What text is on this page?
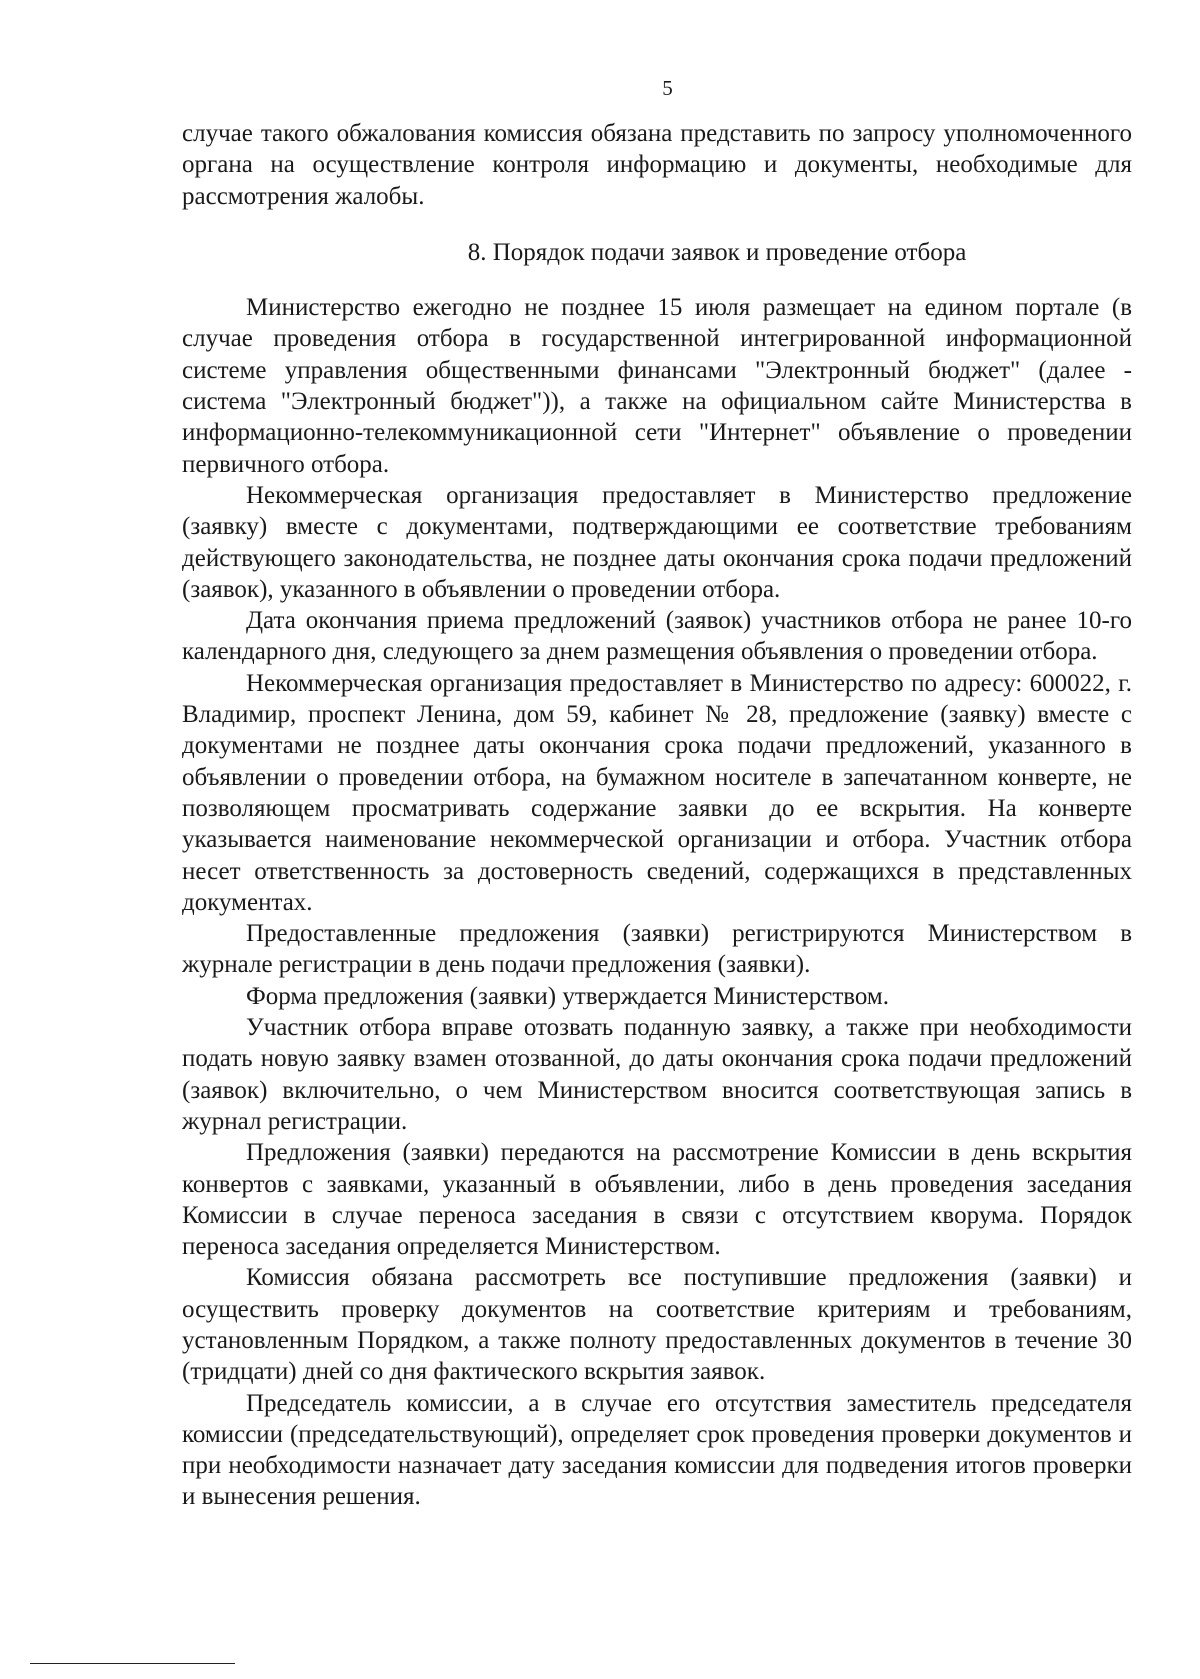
5

случае такого обжалования комиссия обязана представить по запросу уполномоченного органа на осуществление контроля информацию и документы, необходимые для рассмотрения жалобы.

8. Порядок подачи заявок и проведение отбора

Министерство ежегодно не позднее 15 июля размещает на едином портале (в случае проведения отбора в государственной интегрированной информационной системе управления общественными финансами "Электронный бюджет" (далее - система "Электронный бюджет")), а также на официальном сайте Министерства в информационно-телекоммуникационной сети "Интернет" объявление о проведении первичного отбора.

Некоммерческая организация предоставляет в Министерство предложение (заявку) вместе с документами, подтверждающими ее соответствие требованиям действующего законодательства, не позднее даты окончания срока подачи предложений (заявок), указанного в объявлении о проведении отбора.

Дата окончания приема предложений (заявок) участников отбора не ранее 10-го календарного дня, следующего за днем размещения объявления о проведении отбора.

Некоммерческая организация предоставляет в Министерство по адресу: 600022, г. Владимир, проспект Ленина, дом 59, кабинет № 28, предложение (заявку) вместе с документами не позднее даты окончания срока подачи предложений, указанного в объявлении о проведении отбора, на бумажном носителе в запечатанном конверте, не позволяющем просматривать содержание заявки до ее вскрытия. На конверте указывается наименование некоммерческой организации и отбора. Участник отбора несет ответственность за достоверность сведений, содержащихся в представленных документах.

Предоставленные предложения (заявки) регистрируются Министерством в журнале регистрации в день подачи предложения (заявки).

Форма предложения (заявки) утверждается Министерством.

Участник отбора вправе отозвать поданную заявку, а также при необходимости подать новую заявку взамен отозванной, до даты окончания срока подачи предложений (заявок) включительно, о чем Министерством вносится соответствующая запись в журнал регистрации.

Предложения (заявки) передаются на рассмотрение Комиссии в день вскрытия конвертов с заявками, указанный в объявлении, либо в день проведения заседания Комиссии в случае переноса заседания в связи с отсутствием кворума. Порядок переноса заседания определяется Министерством.

Комиссия обязана рассмотреть все поступившие предложения (заявки) и осуществить проверку документов на соответствие критериям и требованиям, установленным Порядком, а также полноту предоставленных документов в течение 30 (тридцати) дней со дня фактического вскрытия заявок.

Председатель комиссии, а в случае его отсутствия заместитель председателя комиссии (председательствующий), определяет срок проведения проверки документов и при необходимости назначает дату заседания комиссии для подведения итогов проверки и вынесения решения.
